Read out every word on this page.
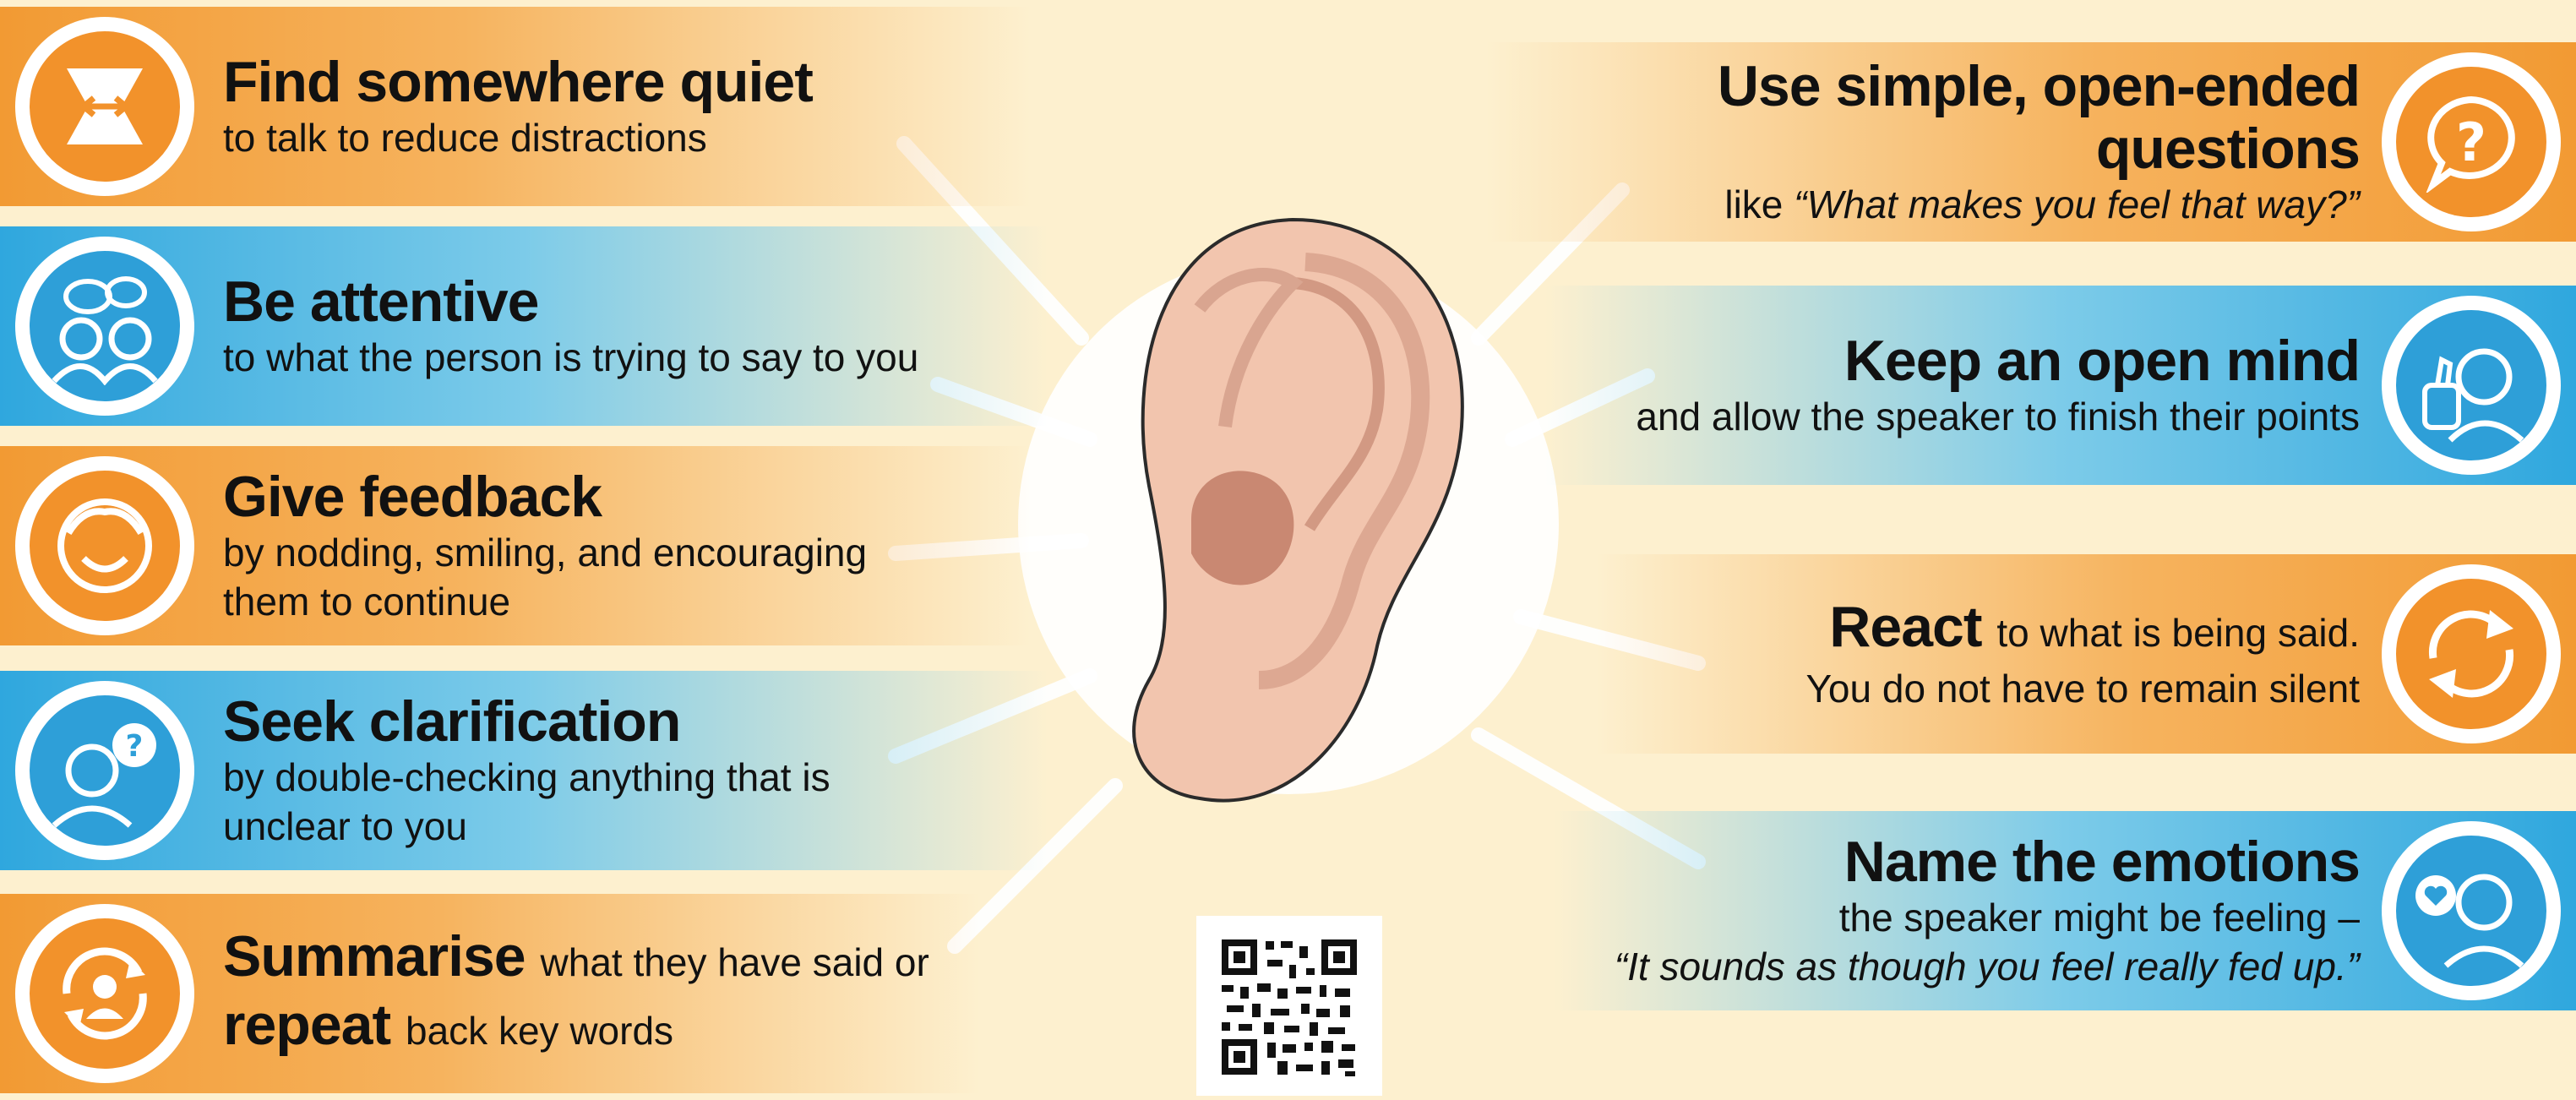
Find somewhere quiet
to talk to reduce distractions
Be attentive
to what the person is trying to say to you
Give feedback
by nodding, smiling, and encouraging
them to continue
? Seek clarification
by double-checking anything that is
unclear to you
Summarise what they have said or
repeat back key words
Use simple, open-ended questions
like “What makes you feel that way?”
?
Keep an open mind
and allow the speaker to finish their points
React to what is being said.
You do not have to remain silent
Name the emotions
the speaker might be feeling –
“It sounds as though you feel really fed up.”
